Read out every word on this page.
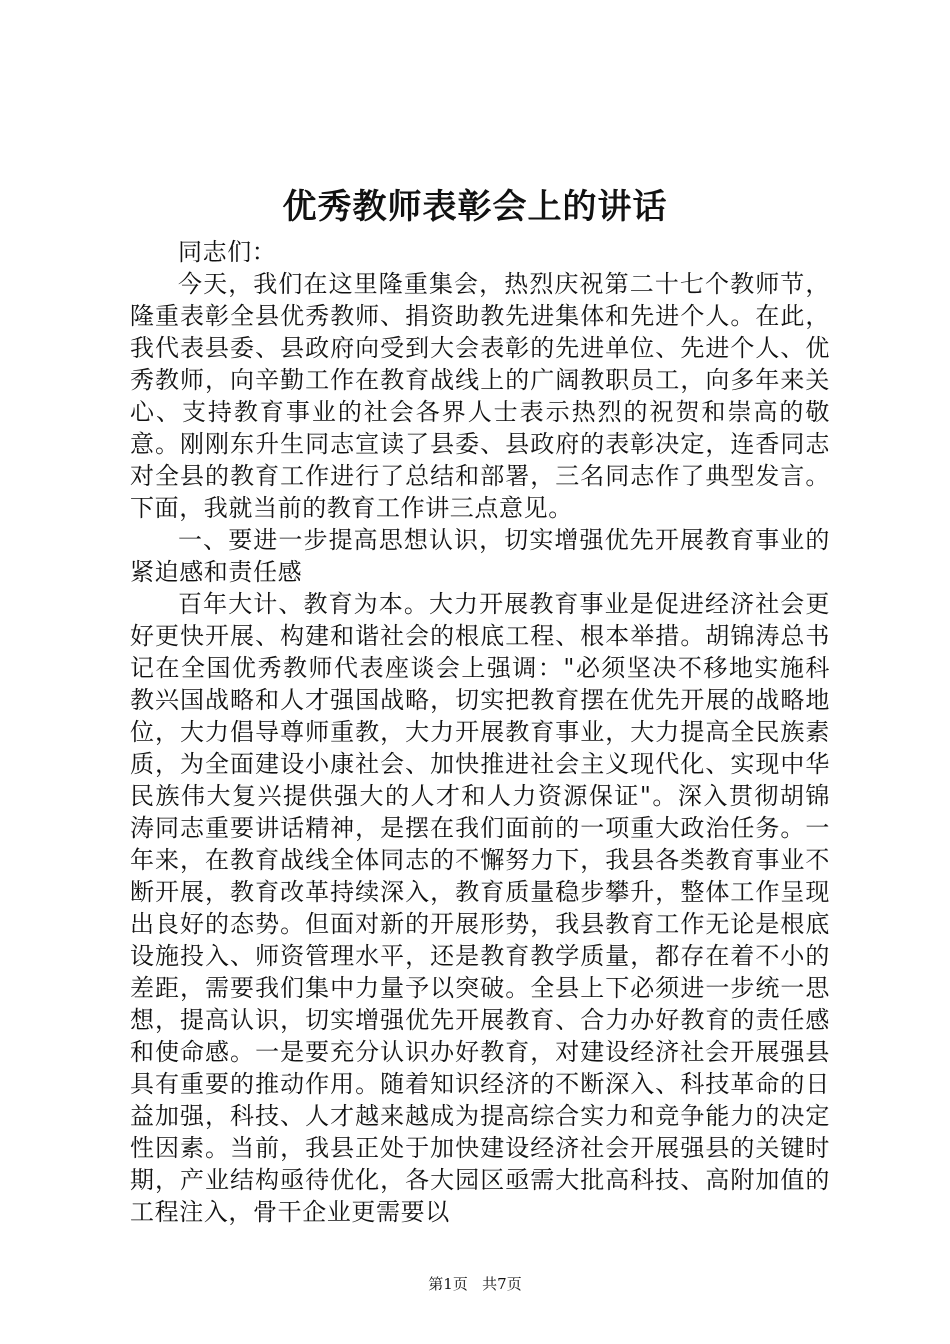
优秀教师表彰会上的讲话

同志们：

今天，我们在这里隆重集会，热烈庆祝第二十七个教师节，隆重表彰全县优秀教师、捐资助教先进集体和先进个人。在此，我代表县委、县政府向受到大会表彰的先进单位、先进个人、优秀教师，向辛勤工作在教育战线上的广阔教职员工，向多年来关心、支持教育事业的社会各界人士表示热烈的祝贺和崇高的敬意。刚刚东升生同志宣读了县委、县政府的表彰决定，连香同志对全县的教育工作进行了总结和部署，三名同志作了典型发言。下面，我就当前的教育工作讲三点意见。

一、要进一步提高思想认识，切实增强优先开展教育事业的紧迫感和责任感

百年大计、教育为本。大力开展教育事业是促进经济社会更好更快开展、构建和谐社会的根底工程、根本举措。胡锦涛总书记在全国优秀教师代表座谈会上强调："必须坚决不移地实施科教兴国战略和人才强国战略，切实把教育摆在优先开展的战略地位，大力倡导尊师重教，大力开展教育事业，大力提高全民族素质，为全面建设小康社会、加快推进社会主义现代化、实现中华民族伟大复兴提供强大的人才和人力资源保证"。深入贯彻胡锦涛同志重要讲话精神，是摆在我们面前的一项重大政治任务。一年来，在教育战线全体同志的不懈努力下，我县各类教育事业不断开展，教育改革持续深入，教育质量稳步攀升，整体工作呈现出良好的态势。但面对新的开展形势，我县教育工作无论是根底设施投入、师资管理水平，还是教育教学质量，都存在着不小的差距，需要我们集中力量予以突破。全县上下必须进一步统一思想，提高认识，切实增强优先开展教育、合力办好教育的责任感和使命感。一是要充分认识办好教育，对建设经济社会开展强县具有重要的推动作用。随着知识经济的不断深入、科技革命的日益加强，科技、人才越来越成为提高综合实力和竞争能力的决定性因素。当前，我县正处于加快建设经济社会开展强县的关键时期，产业结构亟待优化，各大园区亟需大批高科技、高附加值的工程注入，骨干企业更需要以

第1页 共7页
